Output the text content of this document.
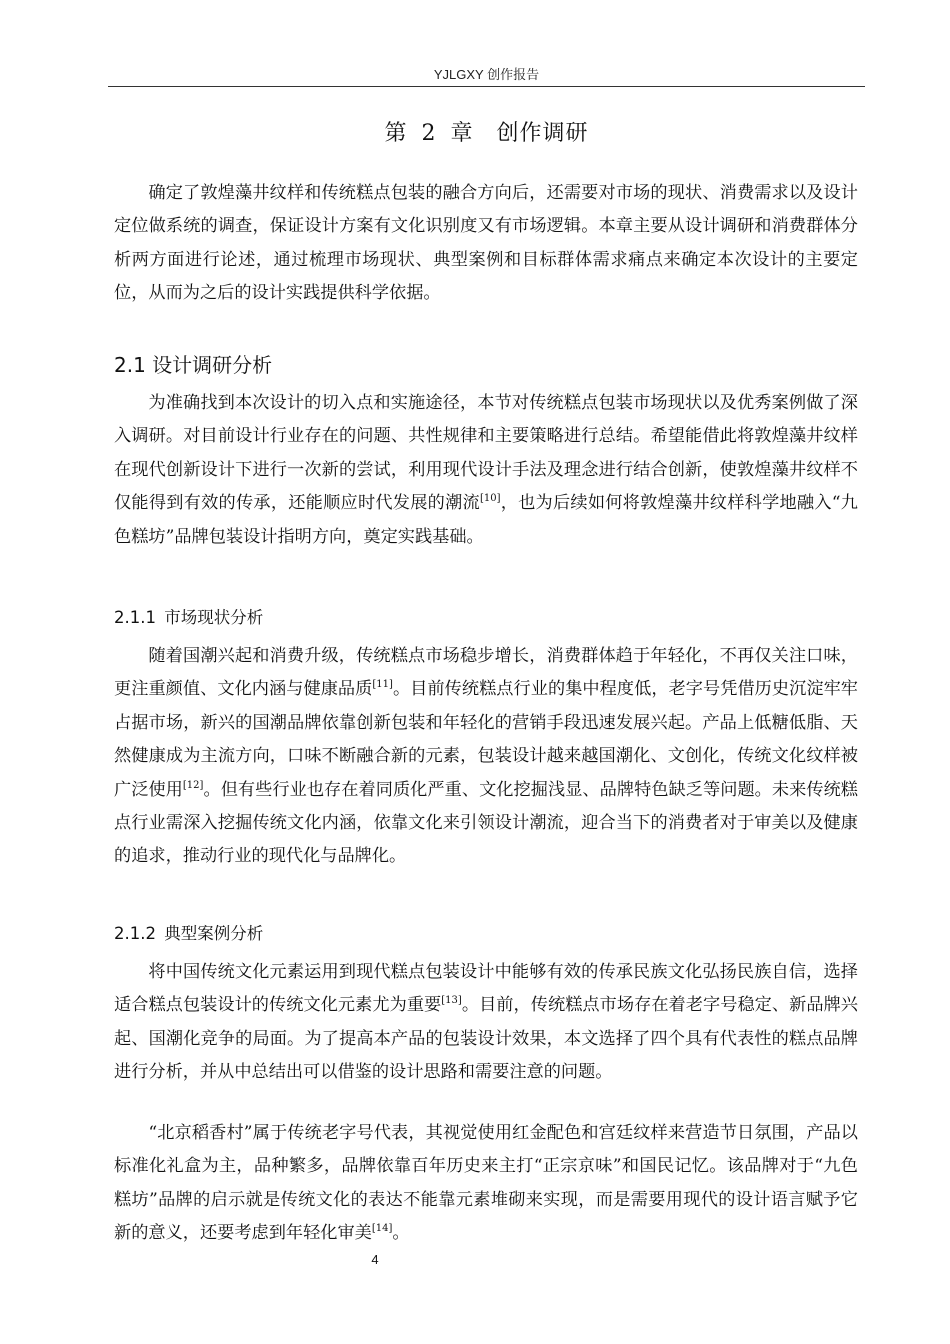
YJLGXY 创作报告
第 2 章　创作调研

确定了敦煌藻井纹样和传统糕点包装的融合方向后，还需要对市场的现状、消费需求以及设计定位做系统的调查，保证设计方案有文化识别度又有市场逻辑。本章主要从设计调研和消费群体分析两方面进行论述，通过梳理市场现状、典型案例和目标群体需求痛点来确定本次设计的主要定位，从而为之后的设计实践提供科学依据。

2.1 设计调研分析

为准确找到本次设计的切入点和实施途径，本节对传统糕点包装市场现状以及优秀案例做了深入调研。对目前设计行业存在的问题、共性规律和主要策略进行总结。希望能借此将敦煌藻井纹样在现代创新设计下进行一次新的尝试，利用现代设计手法及理念进行结合创新，使敦煌藻井纹样不仅能得到有效的传承，还能顺应时代发展的潮流[10]，也为后续如何将敦煌藻井纹样科学地融入“九色糕坊”品牌包装设计指明方向，奠定实践基础。

2.1.1 市场现状分析

随着国潮兴起和消费升级，传统糕点市场稳步增长，消费群体趋于年轻化，不再仅关注口味，更注重颜值、文化内涵与健康品质[11]。目前传统糕点行业的集中程度低，老字号凭借历史沉淀牢牢占据市场，新兴的国潮品牌依靠创新包装和年轻化的营销手段迅速发展兴起。产品上低糖低脂、天然健康成为主流方向，口味不断融合新的元素，包装设计越来越国潮化、文创化，传统文化纹样被广泛使用[12]。但有些行业也存在着同质化严重、文化挖掘浅显、品牌特色缺乏等问题。未来传统糕点行业需深入挖掘传统文化内涵，依靠文化来引领设计潮流，迎合当下的消费者对于审美以及健康的追求，推动行业的现代化与品牌化。

2.1.2 典型案例分析

将中国传统文化元素运用到现代糕点包装设计中能够有效的传承民族文化弘扬民族自信，选择适合糕点包装设计的传统文化元素尤为重要[13]。目前，传统糕点市场存在着老字号稳定、新品牌兴起、国潮化竞争的局面。为了提高本产品的包装设计效果，本文选择了四个具有代表性的糕点品牌进行分析，并从中总结出可以借鉴的设计思路和需要注意的问题。

“北京稻香村”属于传统老字号代表，其视觉使用红金配色和宫廷纹样来营造节日氛围，产品以标准化礼盒为主，品种繁多，品牌依靠百年历史来主打“正宗京味”和国民记忆。该品牌对于“九色糕坊”品牌的启示就是传统文化的表达不能靠元素堆砌来实现，而是需要用现代的设计语言赋予它新的意义，还要考虑到年轻化审美[14]。

4
